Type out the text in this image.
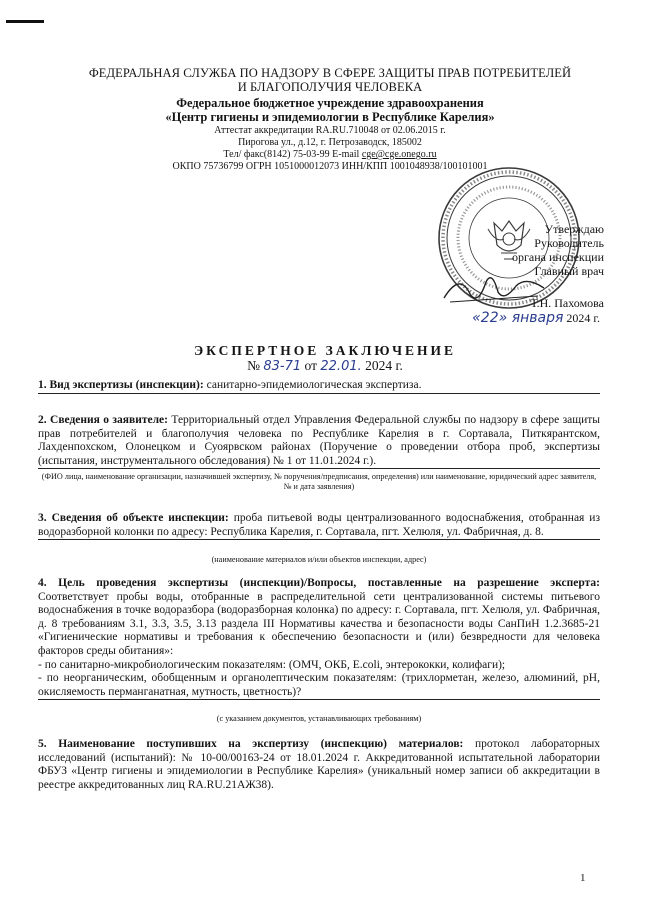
ФЕДЕРАЛЬНАЯ СЛУЖБА ПО НАДЗОРУ В СФЕРЕ ЗАЩИТЫ ПРАВ ПОТРЕБИТЕЛЕЙ
И БЛАГОПОЛУЧИЯ ЧЕЛОВЕКА
Федеральное бюджетное учреждение здравоохранения
«Центр гигиены и эпидемиологии в Республике Карелия»
Аттестат аккредитации RA.RU.710048 от 02.06.2015 г.
Пирогова ул., д.12, г. Петрозаводск, 185002
Тел/ факс(8142) 75-03-99 E-mail cge@cge.onego.ru
ОКПО 75736799 ОГРН 1051000012073 ИНН/КПП 1001048938/100101001
Утверждаю
Руководитель
органа инспекции
Главный врач
Т.Н. Пахомова
«22» января 2024 г.
ЭКСПЕРТНОЕ ЗАКЛЮЧЕНИЕ
№ 83-71 от 22.01. 2024 г.
1. Вид экспертизы (инспекции): санитарно-эпидемиологическая экспертиза.
2. Сведения о заявителе: Территориальный отдел Управления Федеральной службы по надзору в сфере защиты прав потребителей и благополучия человека по Республике Карелия в г. Сортавала, Питкярантском, Лахденпохском, Олонецком и Суоярвском районах (Поручение о проведении отбора проб, экспертизы (испытания, инструментального обследования) № 1 от 11.01.2024 г.).
(ФИО лица, наименование организации, назначившей экспертизу, № поручения/предписания, определения) или наименование, юридический адрес заявителя, № и дата заявления)
3. Сведения об объекте инспекции: проба питьевой воды централизованного водоснабжения, отобранная из водоразборной колонки по адресу: Республика Карелия, г. Сортавала, пгт. Хелюля, ул. Фабричная, д. 8.
(наименование материалов и/или объектов инспекции, адрес)
4. Цель проведения экспертизы (инспекции)/Вопросы, поставленные на разрешение эксперта: Соответствует пробы воды, отобранные в распределительной сети централизованной системы питьевого водоснабжения в точке водоразбора (водоразборная колонка) по адресу: г. Сортавала, пгт. Хелюля, ул. Фабричная, д. 8 требованиям 3.1, 3.3, 3.5, 3.13 раздела III Нормативы качества и безопасности воды СанПиН 1.2.3685-21 «Гигиенические нормативы и требования к обеспечению безопасности и (или) безвредности для человека факторов среды обитания»:
- по санитарно-микробиологическим показателям: (ОМЧ, ОКБ, E.coli, энтерококки, колифаги);
- по неорганическим, обобщенным и органолептическим показателям: (трихлорметан, железо, алюминий, pH, окисляемость перманганатная, мутность, цветность)?
(с указанием документов, устанавливающих требованиям)
5. Наименование поступивших на экспертизу (инспекцию) материалов: протокол лабораторных исследований (испытаний): № 10-00/00163-24 от 18.01.2024 г. Аккредитованной испытательной лаборатории ФБУЗ «Центр гигиены и эпидемиологии в Республике Карелия» (уникальный номер записи об аккредитации в реестре аккредитованных лиц RA.RU.21АЖ38).
1
